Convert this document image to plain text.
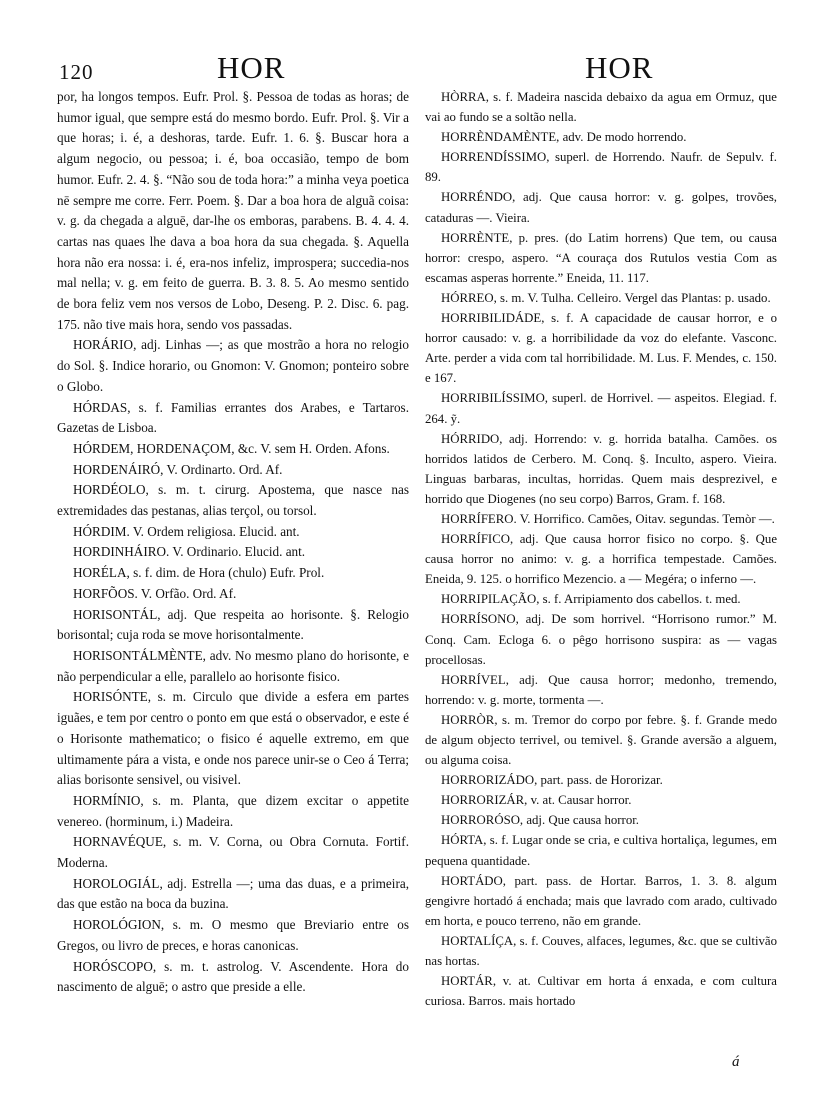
120	HOR	HOR

por, ha longos tempos. Eufr. Prol. §. Pessoa de todas as horas; de humor igual, que sempre está do mesmo bordo. Eufr. Prol. §. Vir a que horas; i. é, a deshoras, tarde. Eufr. 1. 6. §. Buscar hora a algum negocio, ou pessoa; i. é, boa occasião, tempo de bom humor. Eufr. 2. 4. §. “Não sou de toda hora:” a minha veya poetica nē sempre me corre. Ferr. Poem. §. Dar a boa hora de alguã coisa: v. g. da chegada a alguē, dar-lhe os emboras, parabens. B. 4. 4. 4. cartas nas quaes lhe dava a boa hora da sua chegada. §. Aquella hora não era nossa: i. é, era-nos infeliz, improspera; succedia-nos mal nella; v. g. em feito de guerra. B. 3. 8. 5. Ao mesmo sentido de bora feliz vem nos versos de Lobo, Deseng. P. 2. Disc. 6. pag. 175. não tive mais hora, sendo vos passadas.

HORÁRIO, adj. Linhas —; as que mostrão a hora no relogio do Sol. §. Indice horario, ou Gnomon: V. Gnomon; ponteiro sobre o Globo.

HÓRDAS, s. f. Familias errantes dos Arabes, e Tartaros. Gazetas de Lisboa.

HÓRDEM, HORDENAÇOM, &c. V. sem H. Orden. Afons.

HORDENÁIRÓ, V. Ordinarto. Ord. Af.

HORDÉOLO, s. m. t. cirurg. Apostema, que nasce nas extremidades das pestanas, alias terçol, ou torsol.

HÓRDIM. V. Ordem religiosa. Elucid. ant.

HORDINHÁIRO. V. Ordinario. Elucid. ant.

HORÉLA, s. f. dim. de Hora (chulo) Eufr. Prol.

HORFÕOS. V. Orfão. Ord. Af.

HORISONTÁL, adj. Que respeita ao horisonte. §. Relogio borisontal; cuja roda se move horisontalmente.

HORISONTÁLMÈNTE, adv. No mesmo plano do horisonte, e não perpendicular a elle, parallelo ao horisonte fisico.

HORISÓNTE, s. m. Circulo que divide a esfera em partes iguães, e tem por centro o ponto em que está o observador, e este é o Horisonte mathematico; o fisico é aquelle extremo, em que ultimamente pára a vista, e onde nos parece unir-se o Ceo á Terra; alias borisonte sensivel, ou visivel.

HORMÍNIO, s. m. Planta, que dizem excitar o appetite venereo. (horminum, i.) Madeira.

HORNAVÉQUE, s. m. V. Corna, ou Obra Cornuta. Fortif. Moderna.

HOROLOGIÁL, adj. Estrella —; uma das duas, e a primeira, das que estão na boca da buzina.

HOROLÓGION, s. m. O mesmo que Breviario entre os Gregos, ou livro de preces, e horas canonicas.

HORÓSCOPO, s. m. t. astrolog. V. Ascendente. Hora do nascimento de alguē; o astro que preside a elle.

HÒRRA, s. f. Madeira nascida debaixo da agua em Ormuz, que vai ao fundo se a soltão nella.

HORRÈNDAMÈNTE, adv. De modo horrendo.

HORRENDÍSSIMO, superl. de Horrendo. Naufr. de Sepulv. f. 89.

HORRÉNDO, adj. Que causa horror: v. g. golpes, trovões, cataduras —. Vieira.

HORRÈNTE, p. pres. (do Latim horrens) Que tem, ou causa horror: crespo, aspero. “A couraça dos Rutulos vestia Com as escamas asperas horrente.” Eneida, 11. 117.

HÓRREO, s. m. V. Tulha. Celleiro. Vergel das Plantas: p. usado.

HORRIBILIDÁDE, s. f. A capacidade de causar horror, e o horror causado: v. g. a horribilidade da voz do elefante. Vasconc. Arte. perder a vida com tal horribilidade. M. Lus. F. Mendes, c. 150. e 167.

HORRIBILÍSSIMO, superl. de Horrivel. — aspeitos. Elegiad. f. 264. ỹ.

HÓRRIDO, adj. Horrendo: v. g. horrida batalha. Camões. os horridos latidos de Cerbero. M. Conq. §. Inculto, aspero. Vieira. Linguas barbaras, incultas, horridas. Quem mais desprezivel, e horrido que Diogenes (no seu corpo) Barros, Gram. f. 168.

HORRÍFERO. V. Horrifico. Camões, Oitav. segundas. Temòr —.

HORRÍFICO, adj. Que causa horror fisico no corpo. §. Que causa horror no animo: v. g. a horrifica tempestade. Camões. Eneida, 9. 125. o horrifico Mezencio. a — Megéra; o inferno —.

HORRIPILAÇÃO, s. f. Arripiamento dos cabellos. t. med.

HORRÍSONO, adj. De som horrivel. “Horrisono rumor.” M. Conq. Cam. Ecloga 6. o pêgo horrisono suspira: as — vagas procellosas.

HORRÍVEL, adj. Que causa horror; medonho, tremendo, horrendo: v. g. morte, tormenta —.

HORRÒR, s. m. Tremor do corpo por febre. §. f. Grande medo de algum objecto terrivel, ou temivel. §. Grande aversão a alguem, ou alguma coisa.

HORRORIZÁDO, part. pass. de Hororizar.

HORRORIZÁR, v. at. Causar horror.

HORRORÓSO, adj. Que causa horror.

HÓRTA, s. f. Lugar onde se cria, e cultiva hortaliça, legumes, em pequena quantidade.

HORTÁDO, part. pass. de Hortar. Barros, 1. 3. 8. algum gengivre hortadó á enchada; mais que lavrado com arado, cultivado em horta, e pouco terreno, não em grande.

HORTALÍÇA, s. f. Couves, alfaces, legumes, &c. que se cultivão nas hortas.

HORTÁR, v. at. Cultivar em horta á enxada, e com cultura curiosa. Barros. mais hortado

á
